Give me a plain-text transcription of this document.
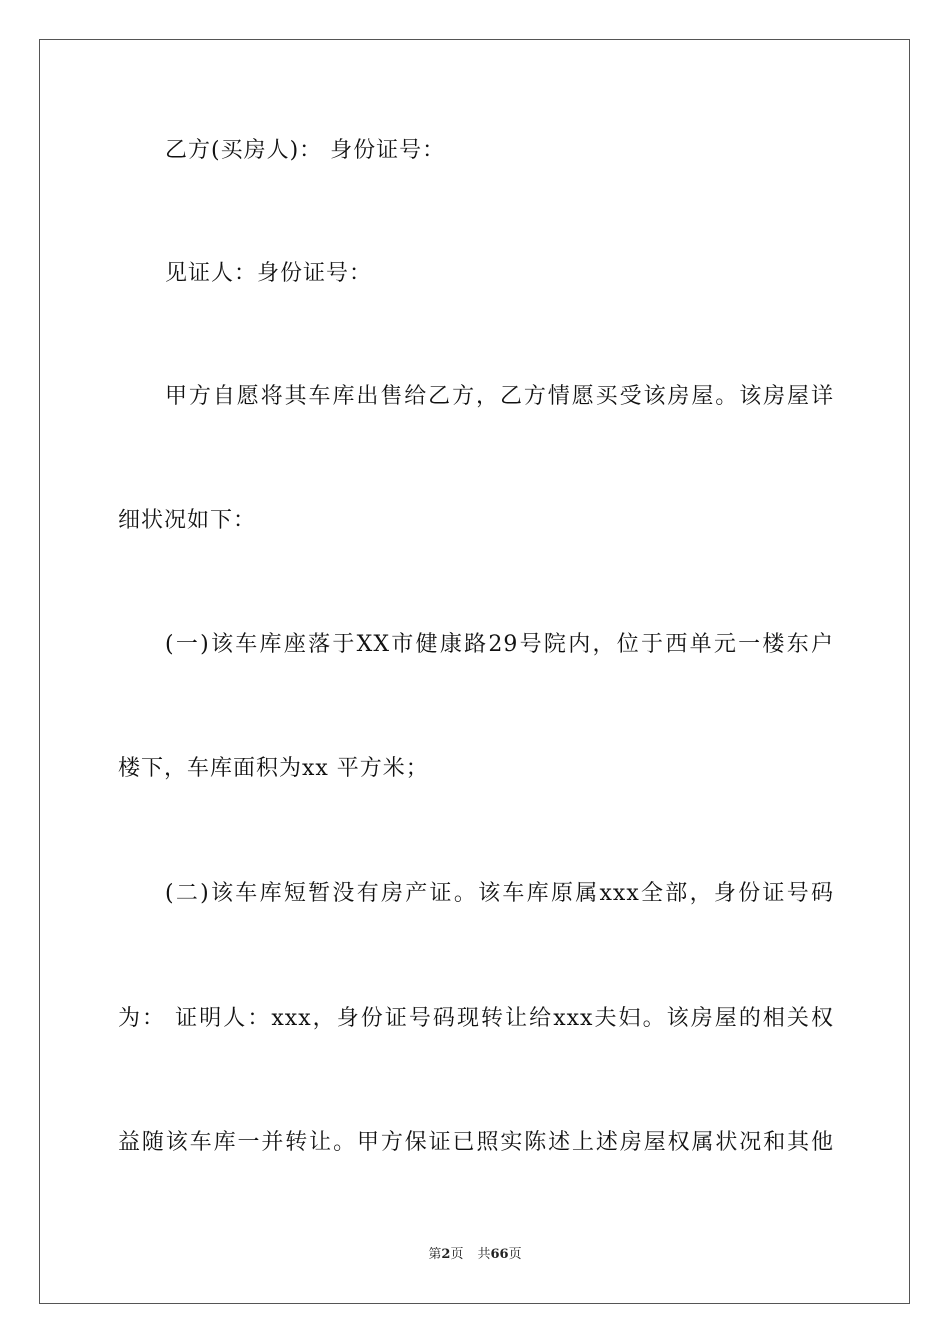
乙方(买房人)： 身份证号：
见证人：身份证号：
甲方自愿将其车库出售给乙方，乙方情愿买受该房屋。该房屋详
细状况如下：
(一)该车库座落于XX市健康路29号院内，位于西单元一楼东户
楼下，车库面积为xx 平方米；
(二)该车库短暂没有房产证。该车库原属xxx全部，身份证号码
为： 证明人：xxx，身份证号码现转让给xxx夫妇。该房屋的相关权
益随该车库一并转让。甲方保证已照实陈述上述房屋权属状况和其他
第2页 共66页
